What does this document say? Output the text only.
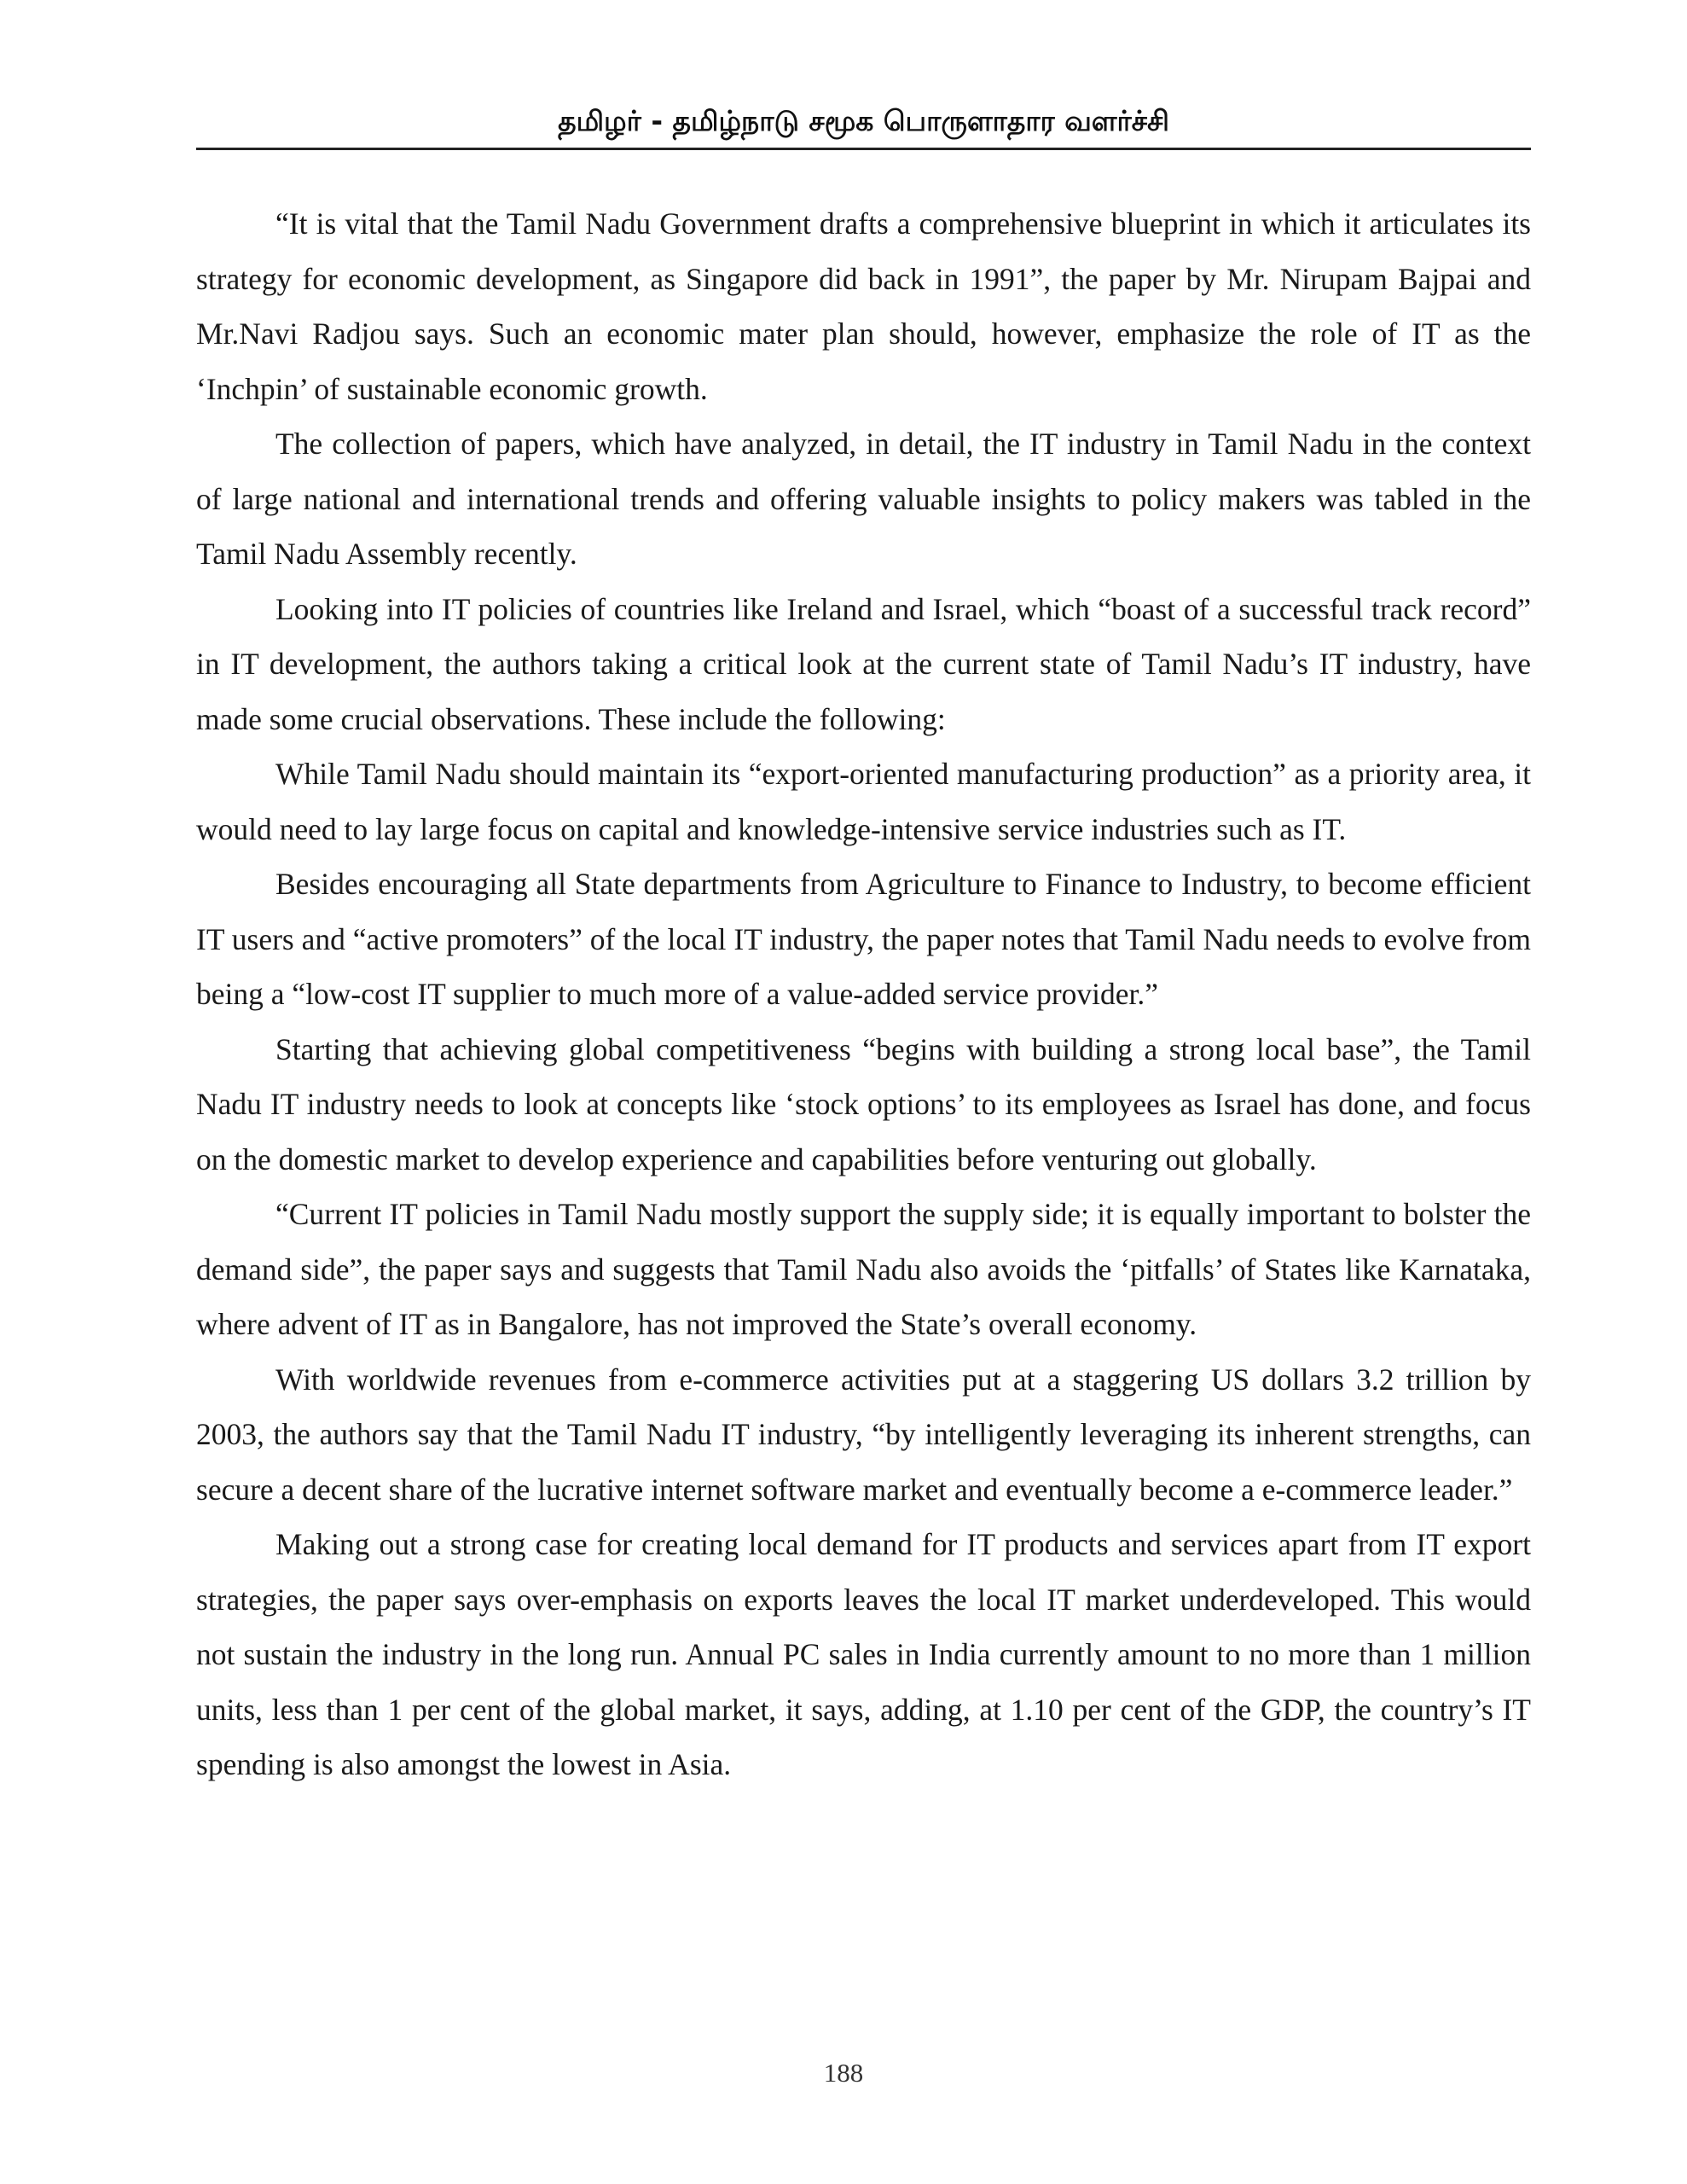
தமிழர் - தமிழ்நாடு சமூக பொருளாதார வளர்ச்சி

“It is vital that the Tamil Nadu Government drafts a comprehensive blueprint in which it articulates its strategy for economic development, as Singapore did back in 1991”, the paper by Mr. Nirupam Bajpai and Mr.Navi Radjou says. Such an economic mater plan should, however, emphasize the role of IT as the ‘Inchpin’ of sustainable economic growth.

The collection of papers, which have analyzed, in detail, the IT industry in Tamil Nadu in the context of large national and international trends and offering valuable insights to policy makers was tabled in the Tamil Nadu Assembly recently.

Looking into IT policies of countries like Ireland and Israel, which “boast of a successful track record” in IT development, the authors taking a critical look at the current state of Tamil Nadu’s IT industry, have made some crucial observations. These include the following:

While Tamil Nadu should maintain its “export-oriented manufacturing production” as a priority area, it would need to lay large focus on capital and knowledge-intensive service industries such as IT.

Besides encouraging all State departments from Agriculture to Finance to Industry, to become efficient IT users and “active promoters” of the local IT industry, the paper notes that Tamil Nadu needs to evolve from being a “low-cost IT supplier to much more of a value-added service provider.”

Starting that achieving global competitiveness “begins with building a strong local base”, the Tamil Nadu IT industry needs to look at concepts like ‘stock options’ to its employees as Israel has done, and focus on the domestic market to develop experience and capabilities before venturing out globally.

“Current IT policies in Tamil Nadu mostly support the supply side; it is equally important to bolster the demand side”, the paper says and suggests that Tamil Nadu also avoids the ‘pitfalls’ of States like Karnataka, where advent of IT as in Bangalore, has not improved the State’s overall economy.

With worldwide revenues from e-commerce activities put at a staggering US dollars 3.2 trillion by 2003, the authors say that the Tamil Nadu IT industry, “by intelligently leveraging its inherent strengths, can secure a decent share of the lucrative internet software market and eventually become a e-commerce leader.”

Making out a strong case for creating local demand for IT products and services apart from IT export strategies, the paper says over-emphasis on exports leaves the local IT market underdeveloped. This would not sustain the industry in the long run. Annual PC sales in India currently amount to no more than 1 million units, less than 1 per cent of the global market, it says, adding, at 1.10 per cent of the GDP, the country’s IT spending is also amongst the lowest in Asia.

188
